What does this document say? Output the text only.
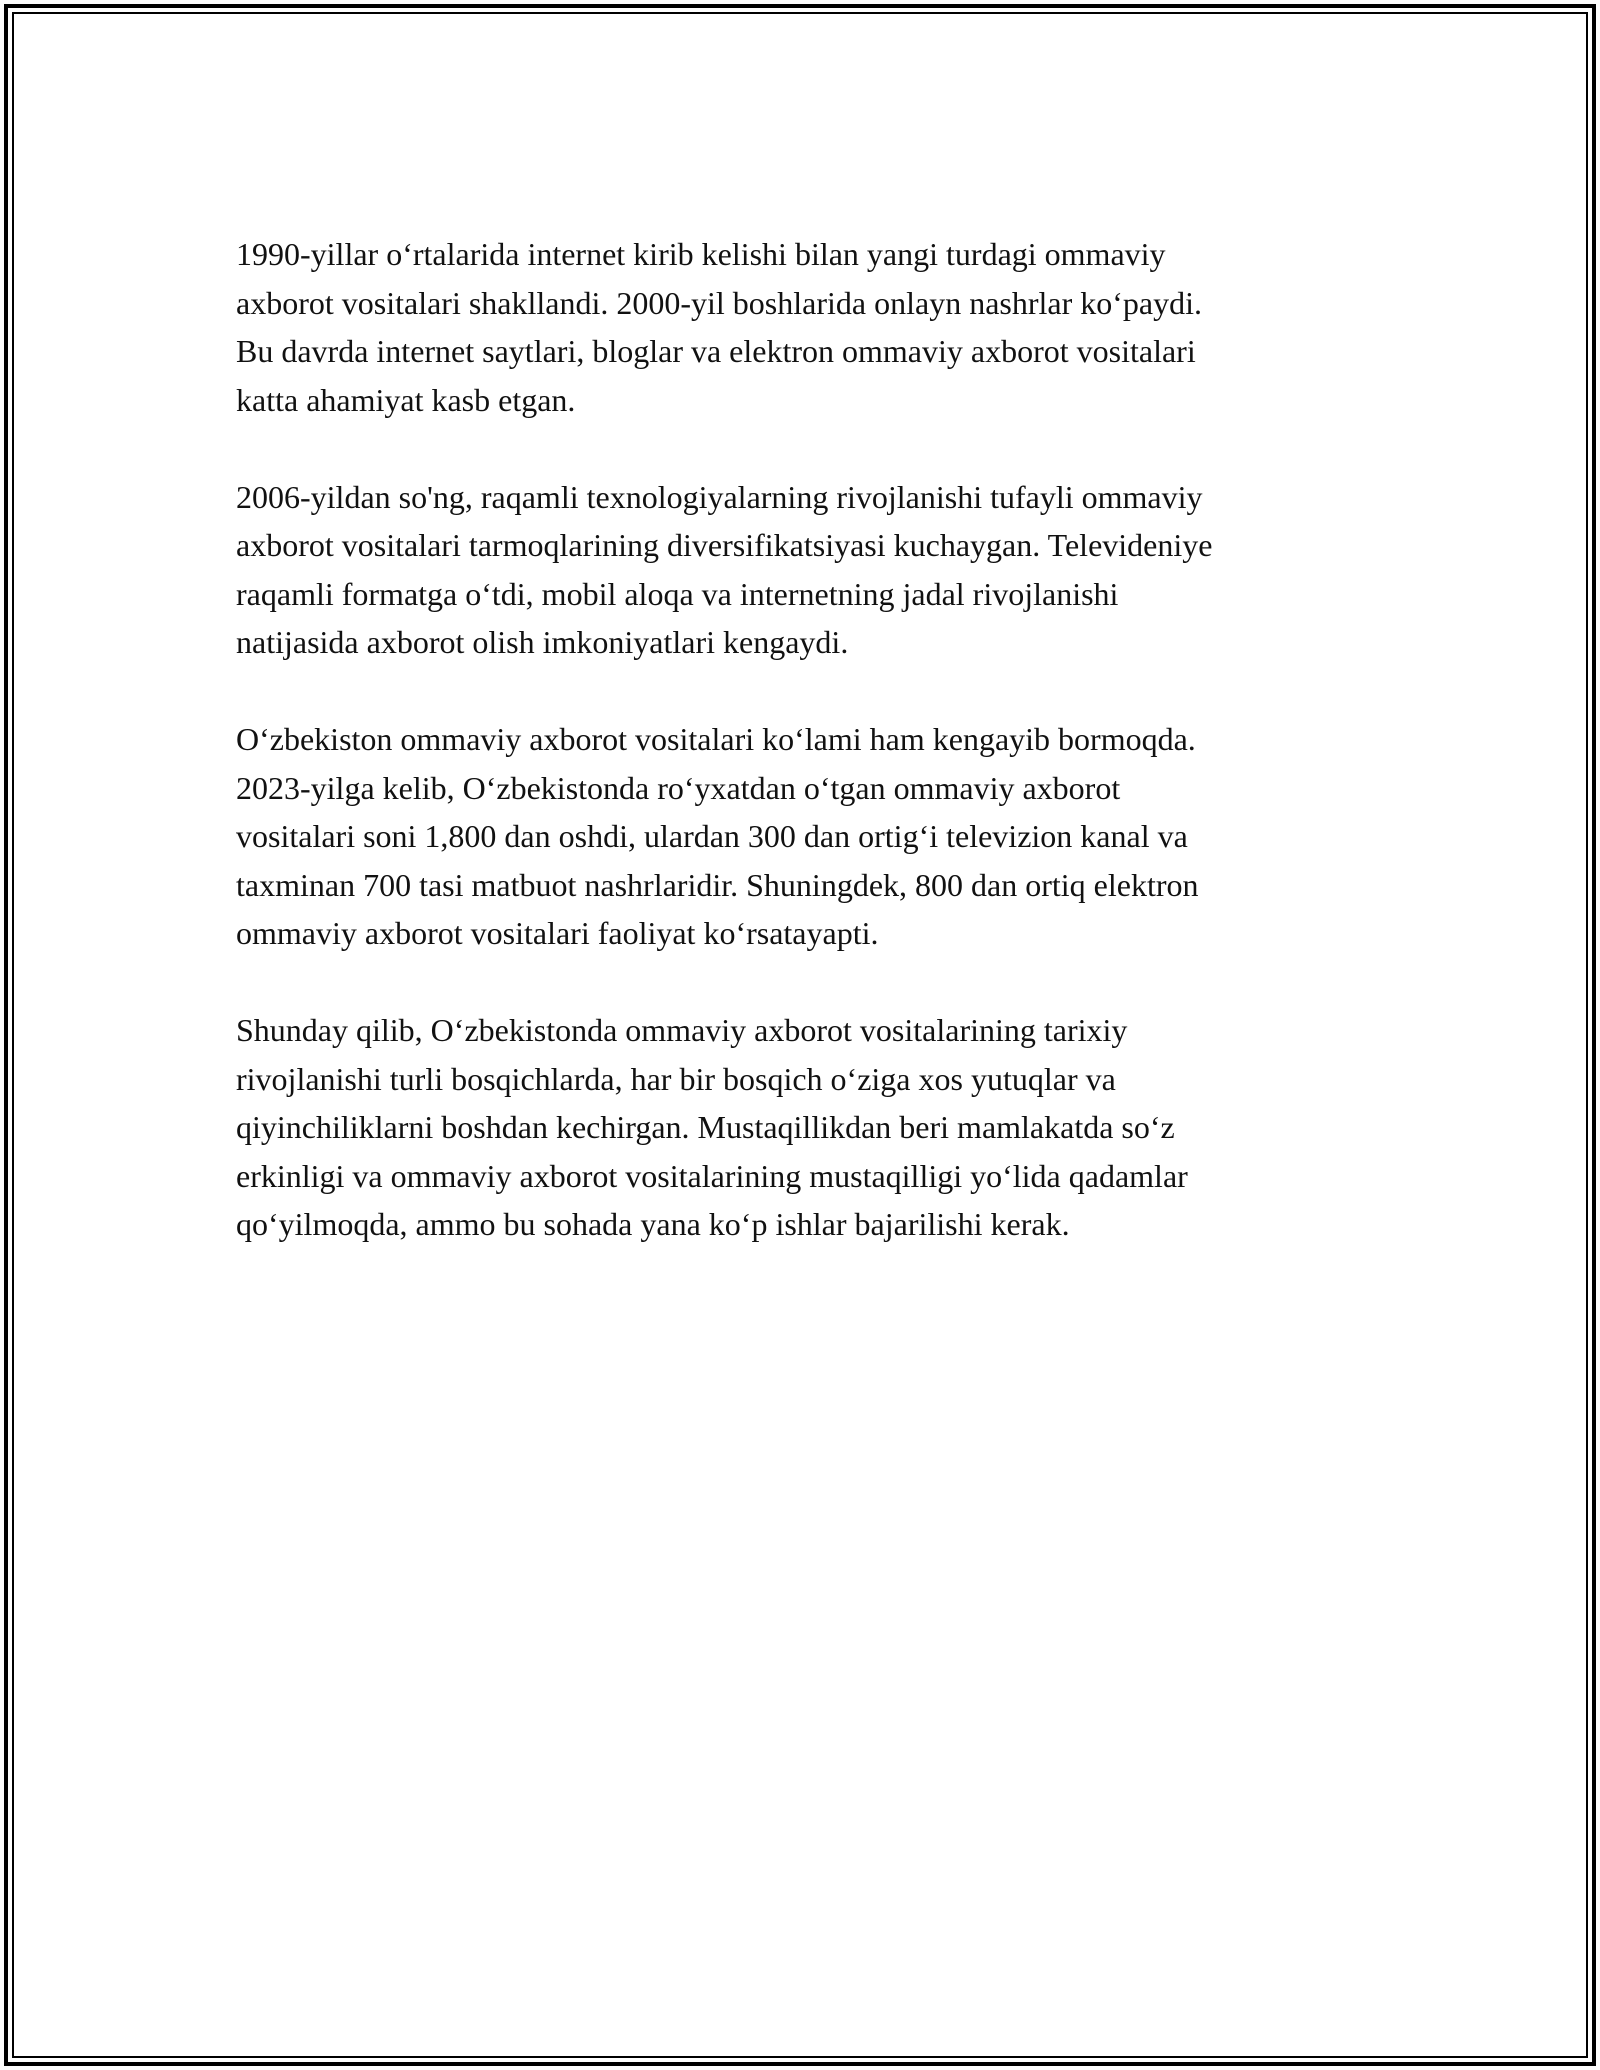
1990-yillar o‘rtalarida internet kirib kelishi bilan yangi turdagi ommaviy
axborot vositalari shakllandi. 2000-yil boshlarida onlayn nashrlar ko‘paydi.
Bu davrda internet saytlari, bloglar va elektron ommaviy axborot vositalari
katta ahamiyat kasb etgan.

2006-yildan so'ng, raqamli texnologiyalarning rivojlanishi tufayli ommaviy
axborot vositalari tarmoqlarining diversifikatsiyasi kuchaygan. Televideniye
raqamli formatga o‘tdi, mobil aloqa va internetning jadal rivojlanishi
natijasida axborot olish imkoniyatlari kengaydi.

O‘zbekiston ommaviy axborot vositalari ko‘lami ham kengayib bormoqda.
2023-yilga kelib, O‘zbekistonda ro‘yxatdan o‘tgan ommaviy axborot
vositalari soni 1,800 dan oshdi, ulardan 300 dan ortig‘i televizion kanal va
taxminan 700 tasi matbuot nashrlaridir. Shuningdek, 800 dan ortiq elektron
ommaviy axborot vositalari faoliyat ko‘rsatayapti.

Shunday qilib, O‘zbekistonda ommaviy axborot vositalarining tarixiy
rivojlanishi turli bosqichlarda, har bir bosqich o‘ziga xos yutuqlar va
qiyinchiliklarni boshdan kechirgan. Mustaqillikdan beri mamlakatda so‘z
erkinligi va ommaviy axborot vositalarining mustaqilligi yo‘lida qadamlar
qo‘yilmoqda, ammo bu sohada yana ko‘p ishlar bajarilishi kerak.
